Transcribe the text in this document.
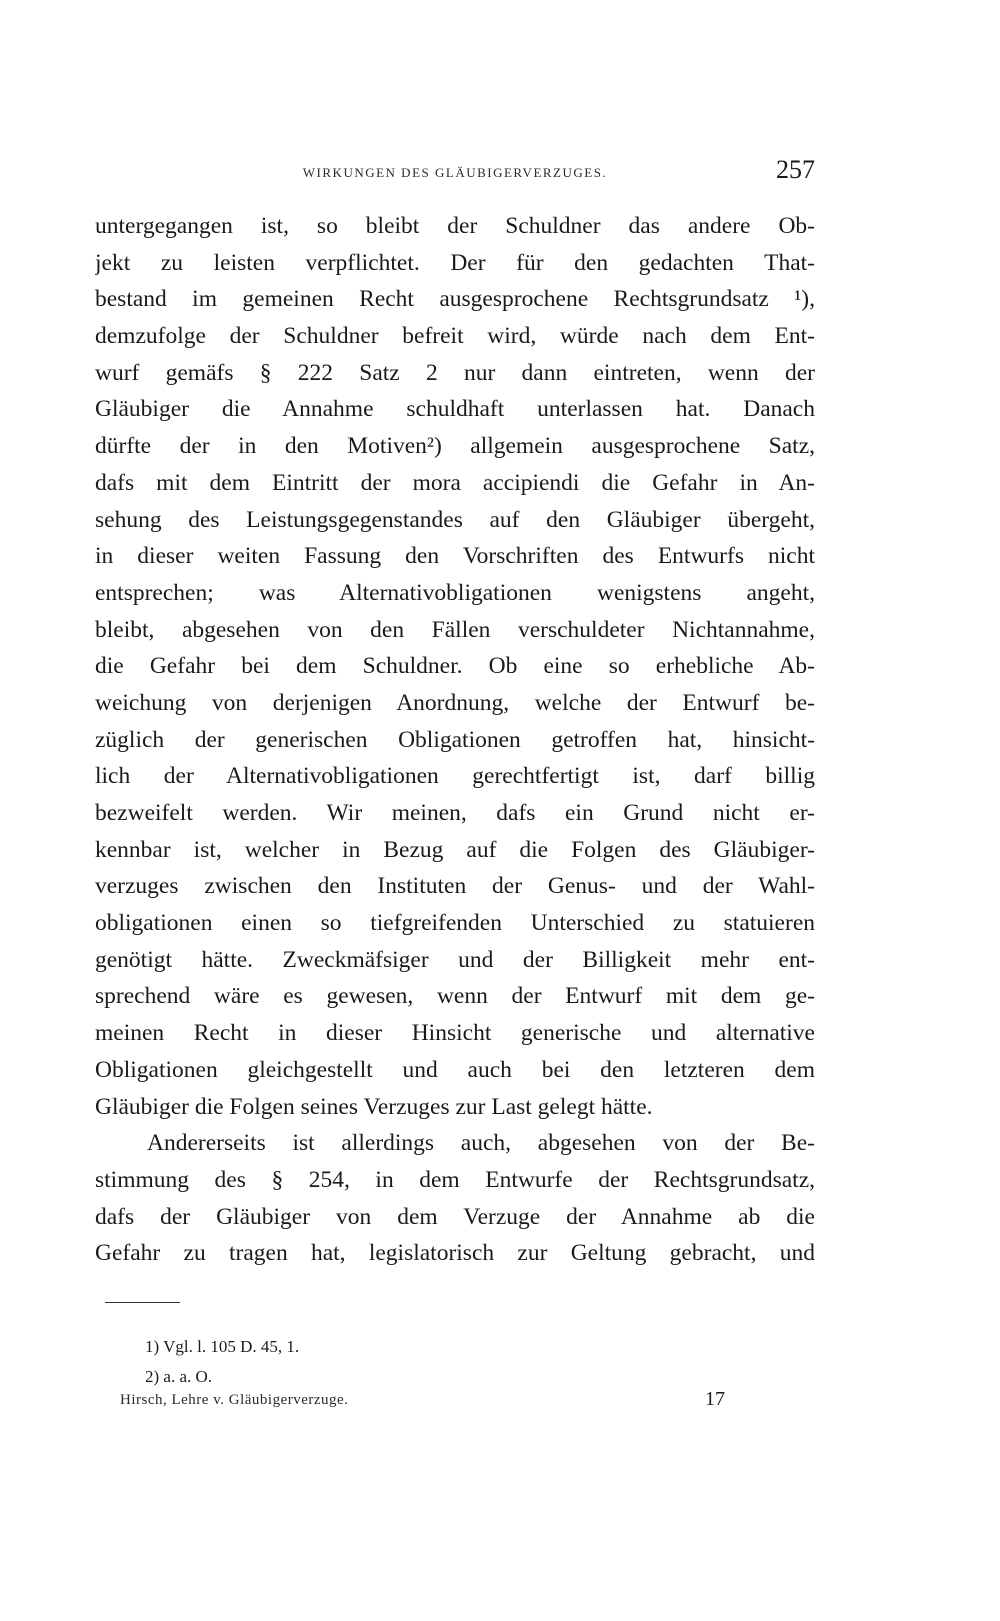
WIRKUNGEN DES GLÄUBIGERVERZUGES.	257
untergegangen ist, so bleibt der Schuldner das andere Ob-
jekt zu leisten verpflichtet. Der für den gedachten That-
bestand im gemeinen Recht ausgesprochene Rechtsgrundsatz ¹),
demzufolge der Schuldner befreit wird, würde nach dem Ent-
wurf gemäfs § 222 Satz 2 nur dann eintreten, wenn der
Gläubiger die Annahme schuldhaft unterlassen hat. Danach
dürfte der in den Motiven²) allgemein ausgesprochene Satz,
dafs mit dem Eintritt der mora accipiendi die Gefahr in An-
sehung des Leistungsgegenstandes auf den Gläubiger übergeht,
in dieser weiten Fassung den Vorschriften des Entwurfs nicht
entsprechen; was Alternativobligationen wenigstens angeht,
bleibt, abgesehen von den Fällen verschuldeter Nichtannahme,
die Gefahr bei dem Schuldner. Ob eine so erhebliche Ab-
weichung von derjenigen Anordnung, welche der Entwurf be-
züglich der generischen Obligationen getroffen hat, hinsicht-
lich der Alternativobligationen gerechtfertigt ist, darf billig
bezweifelt werden. Wir meinen, dafs ein Grund nicht er-
kennbar ist, welcher in Bezug auf die Folgen des Gläubiger-
verzuges zwischen den Instituten der Genus- und der Wahl-
obligationen einen so tiefgreifenden Unterschied zu statuieren
genötigt hätte. Zweckmäfsiger und der Billigkeit mehr ent-
sprechend wäre es gewesen, wenn der Entwurf mit dem ge-
meinen Recht in dieser Hinsicht generische und alternative
Obligationen gleichgestellt und auch bei den letzteren dem
Gläubiger die Folgen seines Verzuges zur Last gelegt hätte.
Andererseits ist allerdings auch, abgesehen von der Be-
stimmung des § 254, in dem Entwurfe der Rechtsgrundsatz,
dafs der Gläubiger von dem Verzuge der Annahme ab die
Gefahr zu tragen hat, legislatorisch zur Geltung gebracht, und
1) Vgl. l. 105 D. 45, 1.
2) a. a. O.
Hirsch, Lehre v. Gläubigerverzuge.	17
